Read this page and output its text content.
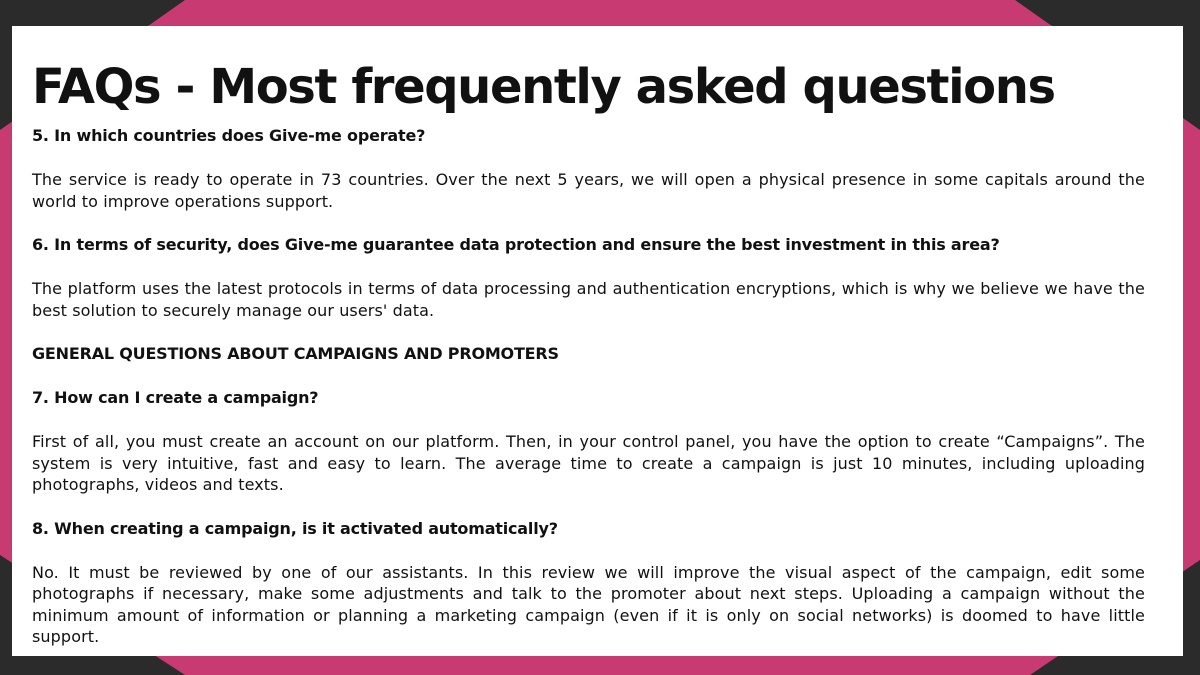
FAQs - Most frequently asked questions

5. In which countries does Give-me operate?

The service is ready to operate in 73 countries. Over the next 5 years, we will open a physical presence in some capitals around the world to improve operations support.

6. In terms of security, does Give-me guarantee data protection and ensure the best investment in this area?

The platform uses the latest protocols in terms of data processing and authentication encryptions, which is why we believe we have the best solution to securely manage our users' data.

GENERAL QUESTIONS ABOUT CAMPAIGNS AND PROMOTERS

7. How can I create a campaign?

First of all, you must create an account on our platform. Then, in your control panel, you have the option to create “Campaigns”. The system is very intuitive, fast and easy to learn. The average time to create a campaign is just 10 minutes, including uploading photographs, videos and texts.

8. When creating a campaign, is it activated automatically?

No. It must be reviewed by one of our assistants. In this review we will improve the visual aspect of the campaign, edit some photographs if necessary, make some adjustments and talk to the promoter about next steps. Uploading a campaign without the minimum amount of information or planning a marketing campaign (even if it is only on social networks) is doomed to have little support.
